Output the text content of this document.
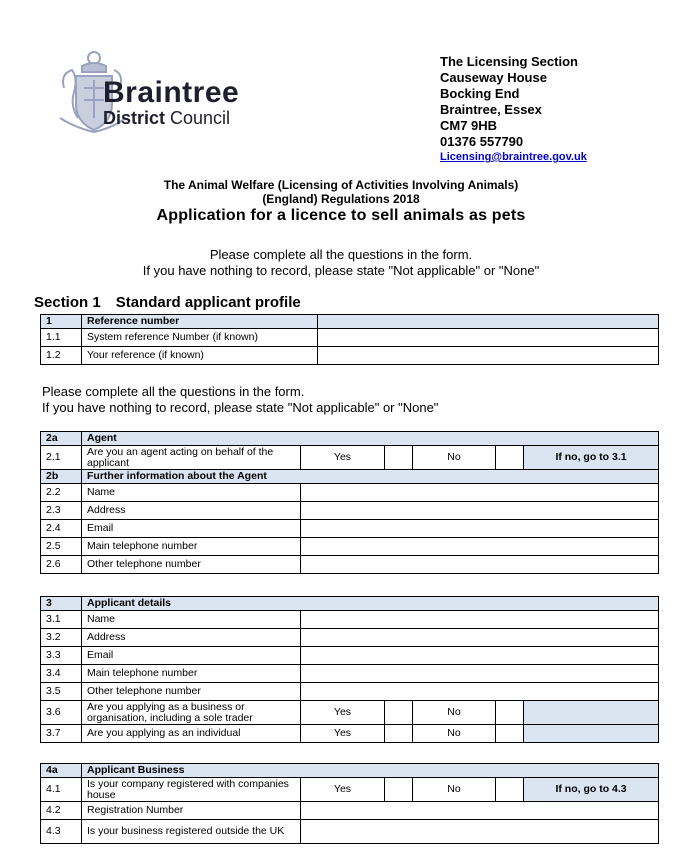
Braintree
District Council
The Licensing Section
Causeway House
Bocking End
Braintree, Essex
CM7 9HB
01376 557790
Licensing@braintree.gov.uk
The Animal Welfare (Licensing of Activities Involving Animals)
(England) Regulations 2018
Application for a licence to sell animals as pets
Please complete all the questions in the form.
If you have nothing to record, please state "Not applicable" or "None"
Section 1 Standard applicant profile
1	Reference number	
1.1	System reference Number (if known)	
1.2	Your reference (if known)	
Please complete all the questions in the form.
If you have nothing to record, please state "Not applicable" or "None"
2a	Agent					
2.1	Are you an agent acting on behalf of the applicant	Yes		No		If no, go to 3.1
2b	Further information about the Agent					
2.2	Name					
2.3	Address					
2.4	Email					
2.5	Main telephone number					
2.6	Other telephone number					
3	Applicant details					
3.1	Name					
3.2	Address					
3.3	Email					
3.4	Main telephone number					
3.5	Other telephone number					
3.6	Are you applying as a business or organisation, including a sole trader	Yes		No		
3.7	Are you applying as an individual	Yes		No		
4a	Applicant Business					
4.1	Is your company registered with companies house	Yes		No		If no, go to 4.3
4.2	Registration Number					
4.3	Is your business registered outside the UK					
